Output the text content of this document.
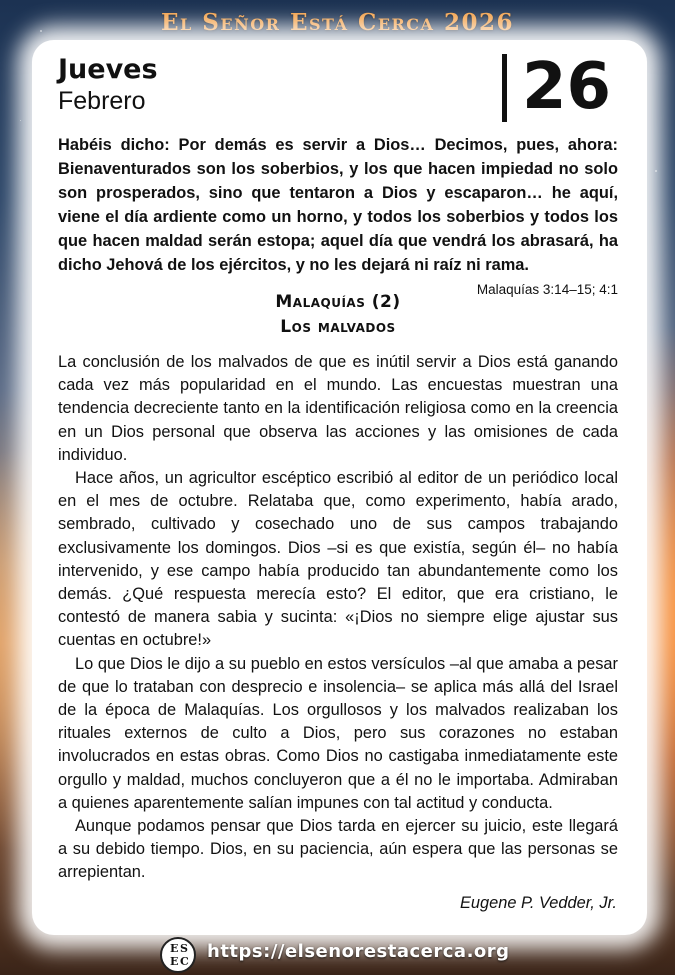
El Señor Está Cerca 2026
Jueves
Febrero	26
Habéis dicho: Por demás es servir a Dios… Decimos, pues, ahora: Bienaventurados son los soberbios, y los que hacen impiedad no solo son prosperados, sino que tentaron a Dios y escaparon… he aquí, viene el día ardiente como un horno, y todos los soberbios y todos los que hacen maldad serán estopa; aquel día que vendrá los abrasará, ha dicho Jehová de los ejércitos, y no les dejará ni raíz ni rama.
Malaquías 3:14–15; 4:1
Malaquías (2)
Los malvados

La conclusión de los malvados de que es inútil servir a Dios está ganando cada vez más popularidad en el mundo. Las encuestas muestran una tendencia decreciente tanto en la identificación religiosa como en la creencia en un Dios personal que observa las acciones y las omisiones de cada individuo.

Hace años, un agricultor escéptico escribió al editor de un periódico local en el mes de octubre. Relataba que, como experimento, había arado, sembrado, cultivado y cosechado uno de sus campos trabajando exclusivamente los domingos. Dios –si es que existía, según él– no había intervenido, y ese campo había producido tan abundantemente como los demás. ¿Qué respuesta merecía esto? El editor, que era cristiano, le contestó de manera sabia y sucinta: «¡Dios no siempre elige ajustar sus cuentas en octubre!»

Lo que Dios le dijo a su pueblo en estos versículos –al que amaba a pesar de que lo trataban con desprecio e insolencia– se aplica más allá del Israel de la época de Malaquías. Los orgullosos y los malvados realizaban los rituales externos de culto a Dios, pero sus corazones no estaban involucrados en estas obras. Como Dios no castigaba inmediatamente este orgullo y maldad, muchos concluyeron que a él no le importaba. Admiraban a quienes aparentemente salían impunes con tal actitud y conducta.

Aunque podamos pensar que Dios tarda en ejercer su juicio, este llegará a su debido tiempo. Dios, en su paciencia, aún espera que las personas se arrepientan.

Eugene P. Vedder, Jr.
E S
E C https://elsenorestacerca.org
